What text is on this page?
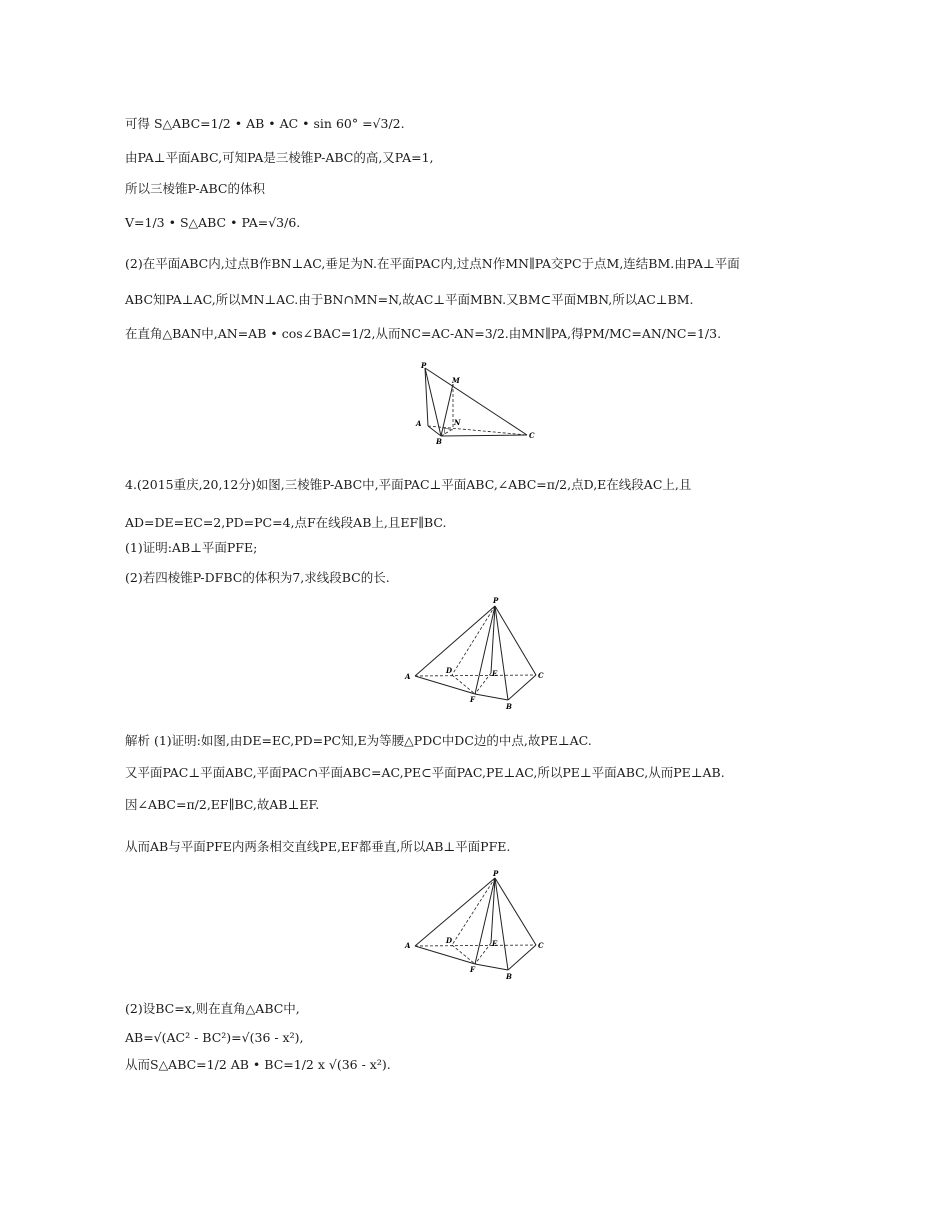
可得 S△ABC=1/2 • AB • AC • sin 60° =√3/2.
由PA⊥平面ABC,可知PA是三棱锥P-ABC的高,又PA=1,
所以三棱锥P-ABC的体积
V=1/3 • S△ABC • PA=√3/6.
(2)在平面ABC内,过点B作BN⊥AC,垂足为N.在平面PAC内,过点N作MN∥PA交PC于点M,连结BM.由PA⊥平面
ABC知PA⊥AC,所以MN⊥AC.由于BN∩MN=N,故AC⊥平面MBN.又BM⊂平面MBN,所以AC⊥BM.
在直角△BAN中,AN=AB • cos∠BAC=1/2,从而NC=AC-AN=3/2.由MN∥PA,得PM/MC=AN/NC=1/3.
P
M
A	N
B
C
4.(2015重庆,20,12分)如图,三棱锥P-ABC中,平面PAC⊥平面ABC,∠ABC=π/2,点D,E在线段AC上,且
AD=DE=EC=2,PD=PC=4,点F在线段AB上,且EF∥BC.
(1)证明:AB⊥平面PFE;
(2)若四棱锥P-DFBC的体积为7,求线段BC的长.
P
A
D	E	C
F
B
解析 (1)证明:如图,由DE=EC,PD=PC知,E为等腰△PDC中DC边的中点,故PE⊥AC.
又平面PAC⊥平面ABC,平面PAC∩平面ABC=AC,PE⊂平面PAC,PE⊥AC,所以PE⊥平面ABC,从而PE⊥AB.
因∠ABC=π/2,EF∥BC,故AB⊥EF.
从而AB与平面PFE内两条相交直线PE,EF都垂直,所以AB⊥平面PFE.
P
A
D	E	C
F
B
(2)设BC=x,则在直角△ABC中,
AB=√(AC² - BC²)=√(36 - x²),
从而S△ABC=1/2 AB • BC=1/2 x √(36 - x²).
